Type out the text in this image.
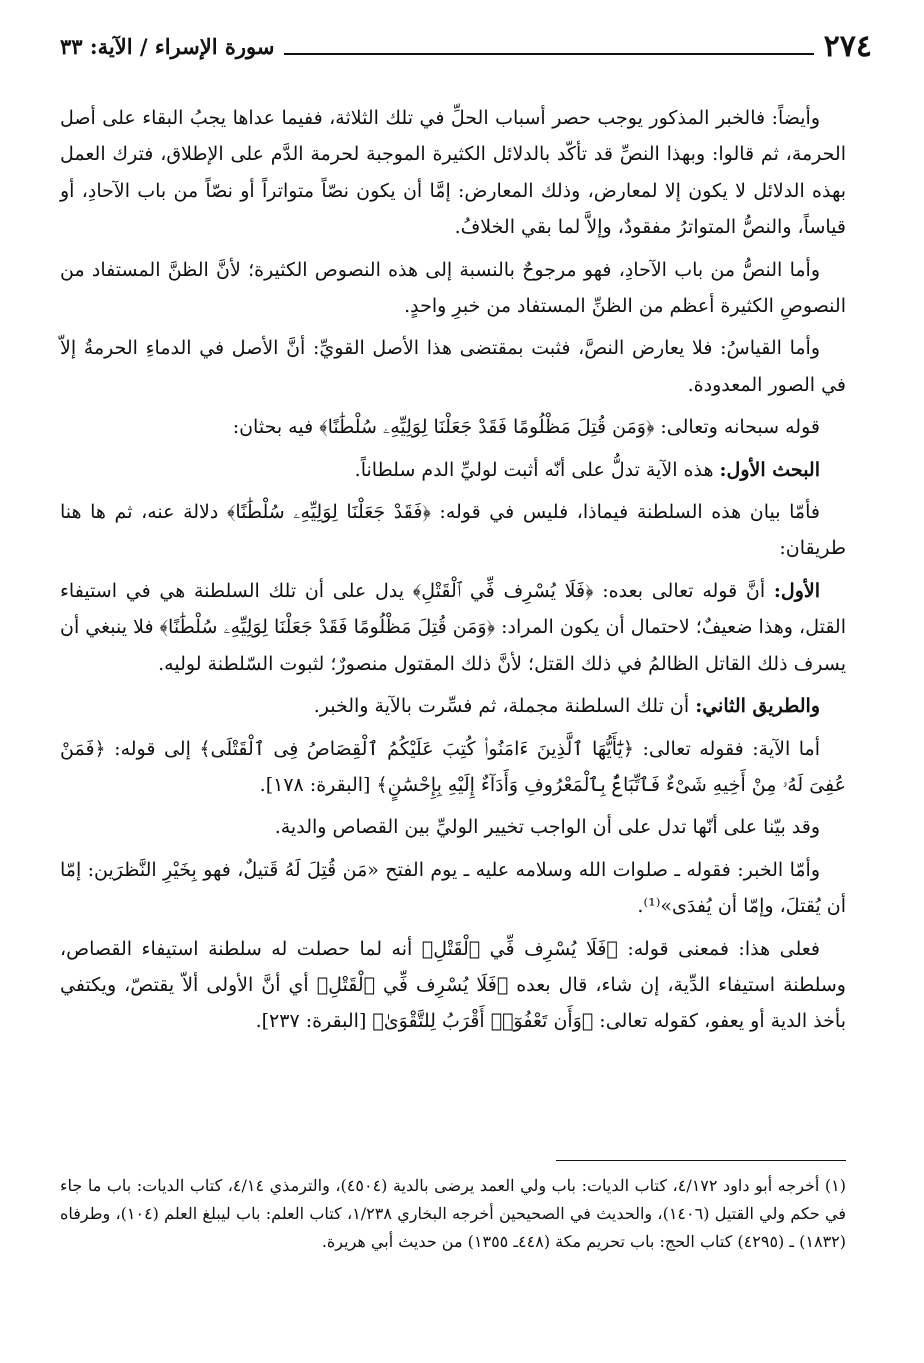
٢٧٤
سورة الإسراء / الآية: ٣٣

وأيضاً: فالخبر المذكور يوجب حصر أسباب الحلِّ في تلك الثلاثة، ففيما عداها يجبُ البقاء على أصل الحرمة، ثم قالوا: وبهذا النصِّ قد تأكّد بالدلائل الكثيرة الموجبة لحرمة الدَّم على الإطلاق، فترك العمل بهذه الدلائل لا يكون إلا لمعارض، وذلك المعارض: إمَّا أن يكون نصّاً متواتراً أو نصّاً من باب الآحادِ، أو قياساً، والنصُّ المتواترُ مفقودٌ، وإلاَّ لما بقي الخلافُ.

وأما النصُّ من باب الآحادِ، فهو مرجوحٌ بالنسبة إلى هذه النصوص الكثيرة؛ لأنَّ الظنَّ المستفاد من النصوصِ الكثيرة أعظم من الظنِّ المستفاد من خبرِ واحدٍ.

وأما القياسُ: فلا يعارض النصَّ، فثبت بمقتضى هذا الأصل القويِّ: أنَّ الأصل في الدماءِ الحرمةُ إلاّ في الصور المعدودة.

قوله سبحانه وتعالى: ﴿وَمَن قُتِلَ مَظْلُومًا فَقَدْ جَعَلْنَا لِوَلِيِّهِۦ سُلْطَٰنًا﴾ فيه بحثان:

البحث الأول: هذه الآية تدلُّ على أنّه أثبت لوليِّ الدم سلطاناً.

فأمّا بيان هذه السلطنة فيماذا، فليس في قوله: ﴿فَقَدْ جَعَلْنَا لِوَلِيِّهِۦ سُلْطَٰنًا﴾ دلالة عنه، ثم ها هنا طريقان:

الأول: أنَّ قوله تعالى بعده: ﴿فَلَا يُسْرِف فِّي ٱلْقَتْلِ﴾ يدل على أن تلك السلطنة هي في استيفاء القتل، وهذا ضعيفٌ؛ لاحتمال أن يكون المراد: ﴿وَمَن قُتِلَ مَظْلُومًا فَقَدْ جَعَلْنَا لِوَلِيِّهِۦ سُلْطَٰنًا﴾ فلا ينبغي أن يسرف ذلك القاتل الظالمُ في ذلك القتل؛ لأنَّ ذلك المقتول منصورٌ؛ لثبوت السّلطنة لوليه.

والطريق الثاني: أن تلك السلطنة مجملة، ثم فسِّرت بالآية والخبر.

أما الآية: فقوله تعالى: ﴿يَٰٓأَيُّهَا ٱلَّذِينَ ءَامَنُوا۟ كُتِبَ عَلَيْكُمُ ٱلْقِصَاصُ فِى ٱلْقَتْلَى﴾ إلى قوله: ﴿فَمَنْ عُفِىَ لَهُۥ مِنْ أَخِيهِ شَىْءٌ فَٱتِّبَاعٌۢ بِٱلْمَعْرُوفِ وَأَدَآءٌ إِلَيْهِ بِإِحْسَٰنٍ﴾ [البقرة: ١٧٨].

وقد بيّنا على أنّها تدل على أن الواجب تخيير الوليِّ بين القصاص والدية.

وأمّا الخبر: فقوله ـ صلوات الله وسلامه عليه ـ يوم الفتح «مَن قُتِلَ لَهُ قَتيلٌ، فهو بِخَيْرِ النَّظرَين: إمّا أن يُقتلَ، وإمّا أن يُفدَى»⁽¹⁾.

فعلى هذا: فمعنى قوله: ﴿فَلَا يُسْرِف فِّي ٱلْقَتْلِ﴾ أنه لما حصلت له سلطنة استيفاء القصاص، وسلطنة استيفاء الدِّية، إن شاء، قال بعده ﴿فَلَا يُسْرِف فِّي ٱلْقَتْلِ﴾ أي أنَّ الأولى ألاّ يقتصّ، ويكتفي بأخذ الدية أو يعفو، كقوله تعالى: ﴿وَأَن تَعْفُوٓا۟ أَقْرَبُ لِلتَّقْوَىٰ﴾ [البقرة: ٢٣٧].

(١) أخرجه أبو داود ٤/١٧٢، كتاب الديات: باب ولي العمد يرضى بالدية (٤٥٠٤)، والترمذي ٤/١٤، كتاب الديات: باب ما جاء في حكم ولي القتيل (١٤٠٦)، والحديث في الصحيحين أخرجه البخاري ١/٢٣٨، كتاب العلم: باب ليبلغ العلم (١٠٤)، وطرفاه (١٨٣٢) ـ (٤٢٩٥) كتاب الحج: باب تحريم مكة (٤٤٨ـ ١٣٥٥) من حديث أبي هريرة.
